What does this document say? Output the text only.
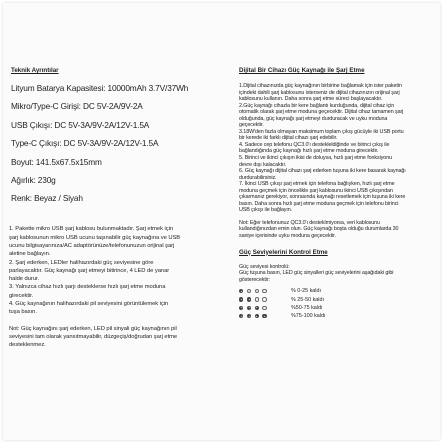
Teknik Ayrıntılar
Lityum Batarya Kapasitesi: 10000mAh 3.7V/37Wh
Mikro/Type-C Girişi: DC 5V-2A/9V-2A
USB Çıkışı: DC 5V-3A/9V-2A/12V-1.5A
Type-C Çıkışı: DC 5V-3A/9V-2A/12V-1.5A
Boyut: 141.5x67.5x15mm
Ağırlık: 230g
Renk: Beyaz / Siyah

1. Pakette mikro USB şarj kablosu bulunmaktadır. Şarj etmek için

şarj kablosunun mikro USB ucunu taşınabilir güç kaynağına ve USB

ucunu bilgisayarınıza/AC adaptörünüze/telefonunuzun orijinal şarj

aletine bağlayın.

2. Şarj ederken, LEDler halihazırdaki güç seviyesine göre

parlayacaktır. Güç kaynağı şarj etmeyi bitirince, 4 LED de yanar

halde durur.

3. Yalnızca cihaz hızlı şarjı desteklerse hızlı şarj etme moduna

girecektir.

4. Güç kaynağının halihazırdaki pil seviyesini görüntülemek için

tuşa basın.

Not: Güç kaynağını şarj ederken, LED pil sinyali güç kaynağının pil

seviyesini tam olarak yansıtmayabilir, düzgeçiş/doğrudan şarj etme

desteklenmez.

Dijital Bir Cihazı Güç Kaynağı ile Şarj Etme

1.Dijital cihazınızda güç kaynağının birbirine bağlamak için ister paketin

içindeki dahili şarj kablosunu isterseniz de dijital cihazınızın orijinal şarj

kablosunu kullanın. Daha sonra şarj etme süreci başlayacaktır.

2.Güç kaynağı cihazla bir kere bağlantı kurduğunda, dijital cihaz için

otomatik olarak şarj etme moduna geçecektir. Dijital cihaz tamamen şarj

olduğunda, güç kaynağı şarj etmeyi durduracak ve uyku moduna

geçecektir.

3.18W'den fazla olmayan maksimum toplam çıkış gücüyle iki USB portu

bir kerede iki farklı dijital cihazı şarj edebilir.

4. Sadece cep telefonu QC3.0'ı destekleldiğinde ve birinci çıkış ile

bağlandığında güç kaynağı hızlı şarj etme moduna girecektir.

5. Birinci ve ikinci çıkışın ikisi de doluysa, hızlı şarj etme fonksiyonu

devre dışı kalacaktır.

6. Güç kaynağı dijital cihazı şarj ederken tuşuna iki kere basarak kaynağı

durdurabilirsiniz.

7. İkinci USB çıkışı şarj etmek için telefona bağlıyken, hızlı şarj etme

moduna geçmek için öncelikle şarj kablosunu ikinci USB çıkışından

çıkarmanız gerekiyor, sonrasında kaynağı resetlemek için tuşuna iki kere

basın. Daha sonra hızlı şarj etme moduna geçmek için telefonu birinci

USB çıkışı ile bağlayın.

Not: Eğer telefonunuz QC3.0'ı desteklmiyorsa, veri kablosunu

kullandığınızdan emin olun. Güç kaynağı boşta olduğu durumlarda 30

saniye içerisinde uyku moduna geçecektir.

Güç Seviyelerini Kontrol Etme

Güç seviyesi kontrolü:

Güç tuşuna basın, LED güç sinyalleri güç seviyelerini aşağıdaki gibi

gösterecektir:

% 0-25 kaldı
% 25-50 kaldı
%50-75 kaldı
%75-100 kaldı
